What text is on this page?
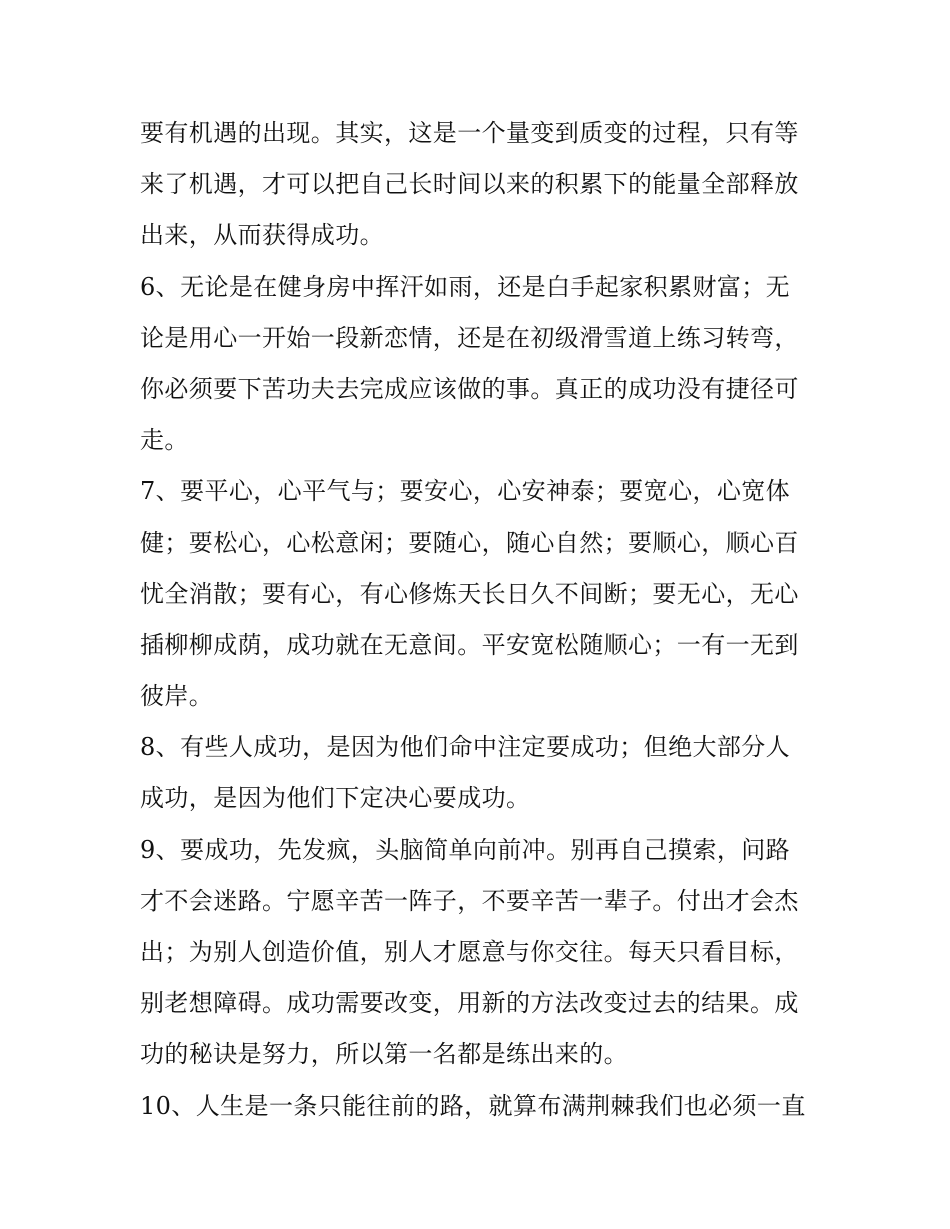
要有机遇的出现。其实，这是一个量变到质变的过程，只有等
来了机遇，才可以把自己长时间以来的积累下的能量全部释放
出来，从而获得成功。
6、无论是在健身房中挥汗如雨，还是白手起家积累财富；无
论是用心一开始一段新恋情，还是在初级滑雪道上练习转弯，
你必须要下苦功夫去完成应该做的事。真正的成功没有捷径可
走。
7、要平心，心平气与；要安心，心安神泰；要宽心，心宽体
健；要松心，心松意闲；要随心，随心自然；要顺心，顺心百
忧全消散；要有心，有心修炼天长日久不间断；要无心，无心
插柳柳成荫，成功就在无意间。平安宽松随顺心；一有一无到
彼岸。
8、有些人成功，是因为他们命中注定要成功；但绝大部分人
成功，是因为他们下定决心要成功。
9、要成功，先发疯，头脑简单向前冲。别再自己摸索，问路
才不会迷路。宁愿辛苦一阵子，不要辛苦一辈子。付出才会杰
出；为别人创造价值，别人才愿意与你交往。每天只看目标，
别老想障碍。成功需要改变，用新的方法改变过去的结果。成
功的秘诀是努力，所以第一名都是练出来的。
10、人生是一条只能往前的路，就算布满荆棘我们也必须一直
